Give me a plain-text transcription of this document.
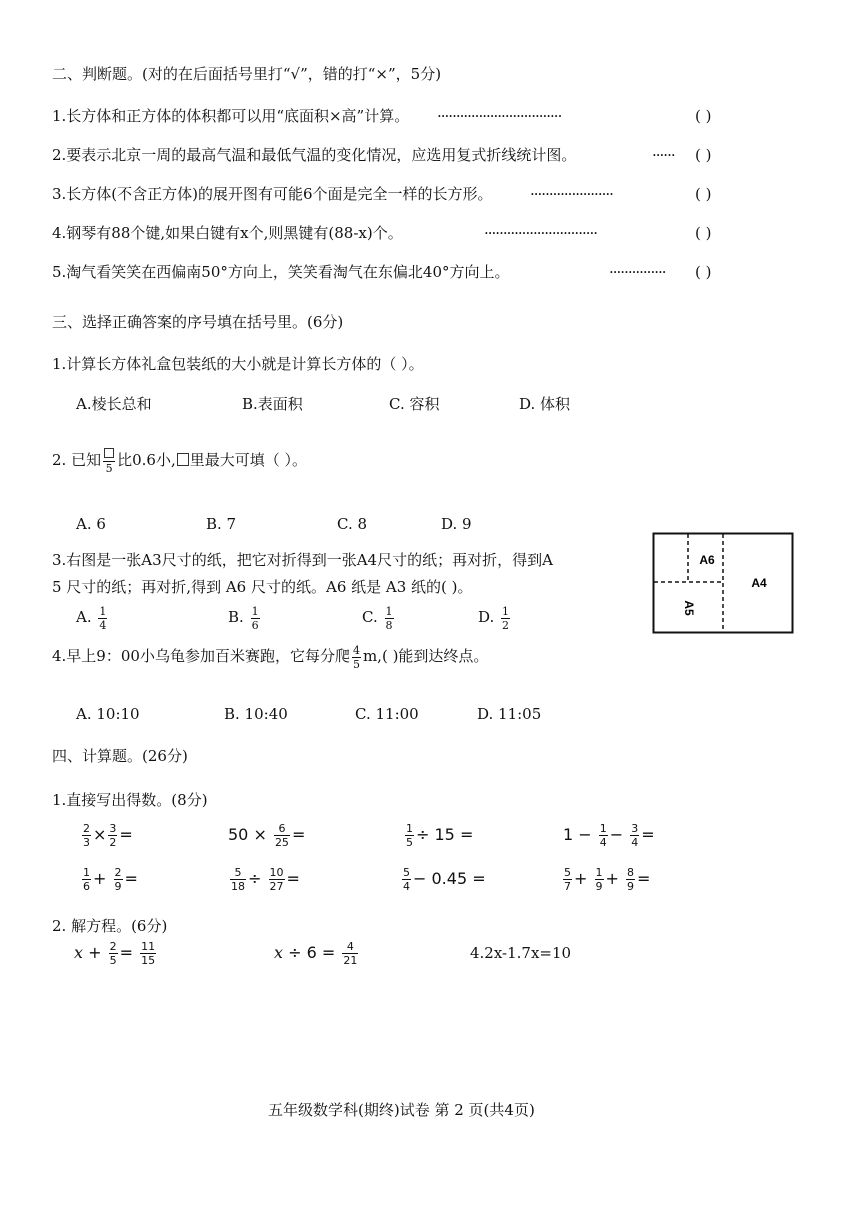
二、判断题。(对的在后面括号里打“√”，错的打“×”，5分)
1.长方体和正方体的体积都可以用“底面积×高”计算。 ·································	( )
2.要表示北京一周的最高气温和最低气温的变化情况，应选用复式折线统计图。	······ ( )
3.长方体(不含正方体)的展开图有可能6个面是完全一样的长方形。 ······················	( )
4.钢琴有88个键,如果白键有x个,则黑键有(88-x)个。	······························	( )
5.淘气看笑笑在西偏南50°方向上，笑笑看淘气在东偏北40°方向上。	··············· ( )
三、选择正确答案的序号填在括号里。(6分)
1.计算长方体礼盒包装纸的大小就是计算长方体的（ ）。
A.棱长总和	B.表面积	C. 容积	D. 体积
2. 已知 5 比0.6小, 里最大可填（ ）。
A. 6	B. 7	C. 8	D. 9
3.右图是一张A3尺寸的纸，把它对折得到一张A4尺寸的纸；再对折，得到A
5 尺寸的纸；再对折,得到 A6 尺寸的纸。A6 纸是 A3 纸的( )。
A. $\frac{1}{4}$	B. $\frac{1}{6}$	C. $\frac{1}{8}$	D. $\frac{1}{2}$
A6
A4
A5
4.早上9：00小乌龟参加百米赛跑，它每分爬 $\frac{4}{5} m$,( )能到达终点。
A. 10:10	B. 10:40	C. 11:00	D. 11:05
四、计算题。(26分)
1.直接写出得数。(8分)
$\frac{2}{3} \times \frac{3}{2}$ =	$50 \times \frac{6}{25}$ =	$\frac{1}{5} \div 15$ =	$1 - \frac{1}{4} - \frac{3}{4}$ =
$\frac{1}{6} + \frac{2}{9}$ =	$\frac{5}{18} \div \frac{10}{27}$ =	$\frac{5}{4} - 0.45$ =	$\frac{5}{7} + \frac{1}{9} + \frac{8}{9}$ =
2. 解方程。(6分)
$x + \frac{2}{5} = \frac{11}{15}$	$x \div 6 = \frac{4}{21}$	4.2x-1.7x=10
五年级数学科(期终)试卷 第 2 页(共4页)
